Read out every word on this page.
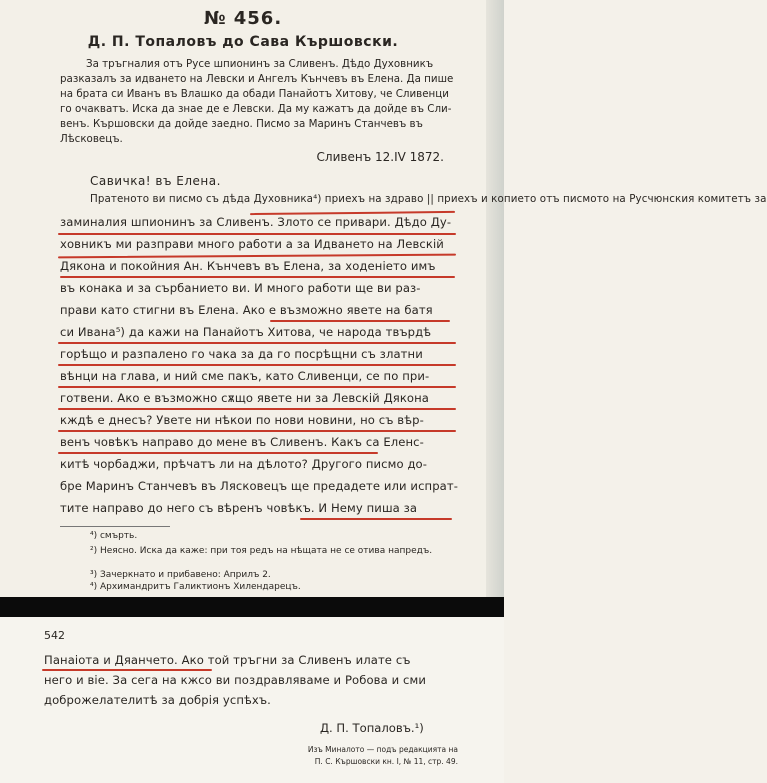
№ 456.
Д. П. Топаловъ до Сава Кършовски.
За тръгналия отъ Русе шпионинъ за Сливенъ. Дѣдо Духовникъ
разказалъ за идването на Левски и Ангелъ Кънчевъ въ Елена. Да пише
на брата си Иванъ въ Влашко да обади Панайотъ Хитову, че Сливенци
го очакватъ. Иска да знае де е Левски. Да му кажатъ да дойде въ Сли-
венъ. Кършовски да дойде заедно. Писмо за Маринъ Станчевъ въ
Лѣсковецъ.
Сливенъ 12.IV 1872.
Савичка! въ Елена.
Пратеното ви писмо съ дѣда Духовника⁴) приехъ на здраво || приехъ и копието отъ писмото на Русчюнския комитетъ за
заминалия шпионинъ за Сливенъ. Злото се привари. Дѣдо Ду-
ховникъ ми разправи много работи а за Идването на Левскiй
Дякона и покойния Ан. Кънчевъ въ Елена, за ходенiето имъ
въ конака и за сърбанието ви. И много работи ще ви раз-
прави като стигни въ Елена. Ако е възможно явете на батя
си Ивана⁵) да кажи на Панайотъ Хитова, че народа твърдѣ
горѣщо и разпалено го чака за да го посрѣщни съ златни
вѣнци на глава, и ний сме пакъ, като Сливенци, се по при-
готвени. Ако е възможно сѫщо явете ни за Левскiй Дякона
кждѣ е днесъ? Увете ни нѣкои по нови новини, но съ вѣр-
венъ човѣкъ направо до мене въ Сливенъ. Какъ са Еленс-
китѣ чорбаджи, прѣчатъ ли на дѣлото? Другого писмо до-
бре Маринъ Станчевъ въ Лясковецъ ще предадете или испрат-
тите направо до него съ вѣренъ човѣкъ. И Нему пиша за
⁴) смърть.
²) Неясно. Иска да каже: при тоя редъ на нѣщата не се отива напредъ.
³) Зачеркнато и прибавено: Априлъ 2.
⁴) Архимандритъ Галиктионъ Хилендарецъ.
542
Панаiота и Дяанчето. Ако той тръгни за Сливенъ илате съ
него и вiе. За сега на кжсо ви поздравляваме и Робова и сми
доброжелателитѣ за добрiя успѣхъ.
Д. П. Топаловъ.¹)
Изъ Миналото — подъ редакцията на
П. С. Кършовски кн. I, № 11, стр. 49.
